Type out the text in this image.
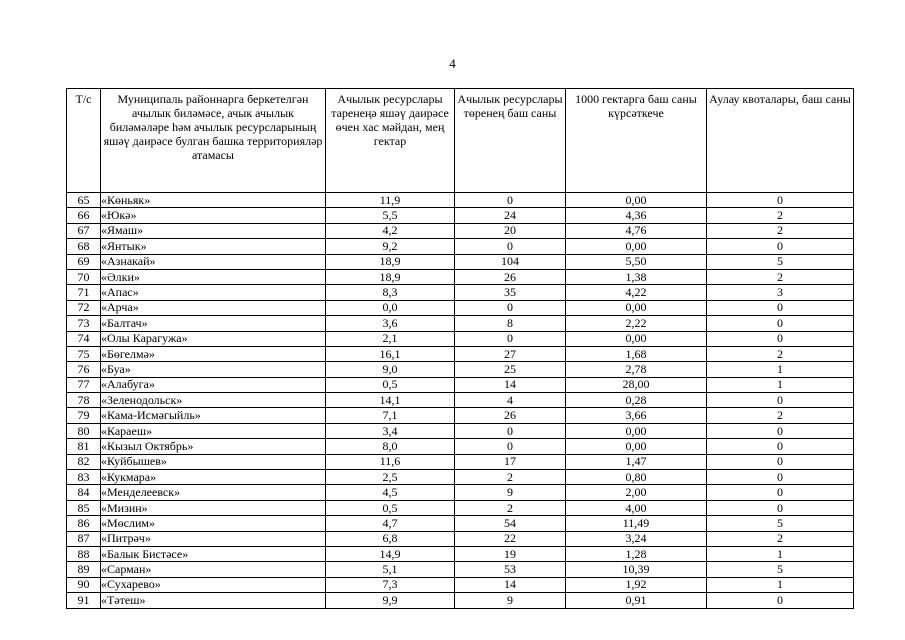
4
Т/с	Муниципаль районнарга беркетелгән ачылык биләмәсе, ачык ачылык биләмәләре һәм ачылык ресурсларының яшәү даирәсе булган башка территорияләр атамасы	Ачылык ресурслары таренеңә яшәү даирәсе өчен хас мәйдан, мең гектар	Ачылык ресурслары төренең баш саны	1000 гектарга баш саны күрсәткече	Аулау квоталары, баш саны
65	«Көньяк»	11,9	0	0,00	0
66	«Юкә»	5,5	24	4,36	2
67	«Ямаш»	4,2	20	4,76	2
68	«Янтык»	9,2	0	0,00	0
69	«Азнакай»	18,9	104	5,50	5
70	«Әлки»	18,9	26	1,38	2
71	«Апас»	8,3	35	4,22	3
72	«Арча»	0,0	0	0,00	0
73	«Балтач»	3,6	8	2,22	0
74	«Олы Карагужа»	2,1	0	0,00	0
75	«Бөгелмә»	16,1	27	1,68	2
76	«Буа»	9,0	25	2,78	1
77	«Алабуга»	0,5	14	28,00	1
78	«Зеленодольск»	14,1	4	0,28	0
79	«Кама-Исмәгыйль»	7,1	26	3,66	2
80	«Караеш»	3,4	0	0,00	0
81	«Кызыл Октябрь»	8,0	0	0,00	0
82	«Куйбышев»	11,6	17	1,47	0
83	«Кукмара»	2,5	2	0,80	0
84	«Менделеевск»	4,5	9	2,00	0
85	«Мизин»	0,5	2	4,00	0
86	«Мөслим»	4,7	54	11,49	5
87	«Питрәч»	6,8	22	3,24	2
88	«Балык Бистәсе»	14,9	19	1,28	1
89	«Сарман»	5,1	53	10,39	5
90	«Сухарево»	7,3	14	1,92	1
91	«Тәтеш»	9,9	9	0,91	0
